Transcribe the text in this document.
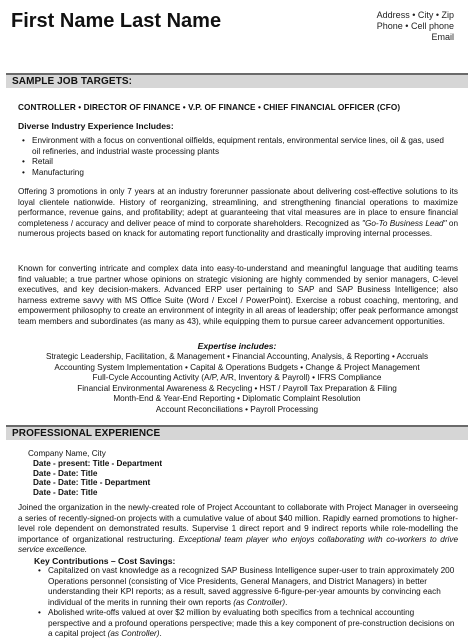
First Name Last Name	Address • City • Zip
Phone • Cell phone
Email
SAMPLE JOB TARGETS:
CONTROLLER • DIRECTOR OF FINANCE • V.P. OF FINANCE • CHIEF FINANCIAL OFFICER (CFO)
Diverse Industry Experience Includes:
• Environment with a focus on conventional oilfields, equipment rentals, environmental service lines, oil & gas, used oil refineries, and industrial waste processing plants
• Retail
• Manufacturing

Offering 3 promotions in only 7 years at an industry forerunner passionate about delivering cost-effective solutions to its loyal clientele nationwide. History of reorganizing, streamlining, and strengthening financial operations to maximize performance, revenue gains, and profitability; adept at guaranteeing that vital measures are in place to ensure financial completeness / accuracy and deliver peace of mind to corporate shareholders. Recognized as "Go-To Business Lead" on numerous projects based on knack for automating report functionality and drastically improving internal processes.

Known for converting intricate and complex data into easy-to-understand and meaningful language that auditing teams find valuable; a true partner whose opinions on strategic visioning are highly commended by senior managers, C-level executives, and key decision-makers. Advanced ERP user pertaining to SAP and SAP Business Intelligence; also harness extreme savvy with MS Office Suite (Word / Excel / PowerPoint). Exercise a robust coaching, mentoring, and empowerment philosophy to create an environment of integrity in all areas of leadership; offer peak performance amongst team members and subordinates (as many as 43), while equipping them to pursue career advancement opportunities.

Expertise includes:
Strategic Leadership, Facilitation, & Management • Financial Accounting, Analysis, & Reporting • Accruals
Accounting System Implementation • Capital & Operations Budgets • Change & Project Management
Full-Cycle Accounting Activity (A/P, A/R, Inventory & Payroll) • IFRS Compliance
Financial Environmental Awareness & Recycling • HST / Payroll Tax Preparation & Filing
Month-End & Year-End Reporting • Diplomatic Complaint Resolution
Account Reconciliations • Payroll Processing
PROFESSIONAL EXPERIENCE
Company Name, City
Date - present: Title - Department
Date - Date: Title
Date - Date: Title - Department
Date - Date: Title

Joined the organization in the newly-created role of Project Accountant to collaborate with Project Manager in overseeing a series of recently-signed-on projects with a cumulative value of about $40 million. Rapidly earned promotions to higher-level role dependent on demonstrated results. Supervise 1 direct report and 9 indirect reports while role-modelling the importance of organizational restructuring. Exceptional team player who enjoys collaborating with co-workers to drive service excellence.

Key Contributions – Cost Savings:
• Capitalized on vast knowledge as a recognized SAP Business Intelligence super-user to train approximately 200 Operations personnel (consisting of Vice Presidents, General Managers, and District Managers) in better understanding their KPI reports; as a result, saved aggressive 6-figure-per-year amounts by convincing each individual of the merits in running their own reports (as Controller).
• Abolished write-offs valued at over $2 million by evaluating both specifics from a technical accounting perspective and a profound operations perspective; made this a key component of pre-construction decisions on a capital project (as Controller).
